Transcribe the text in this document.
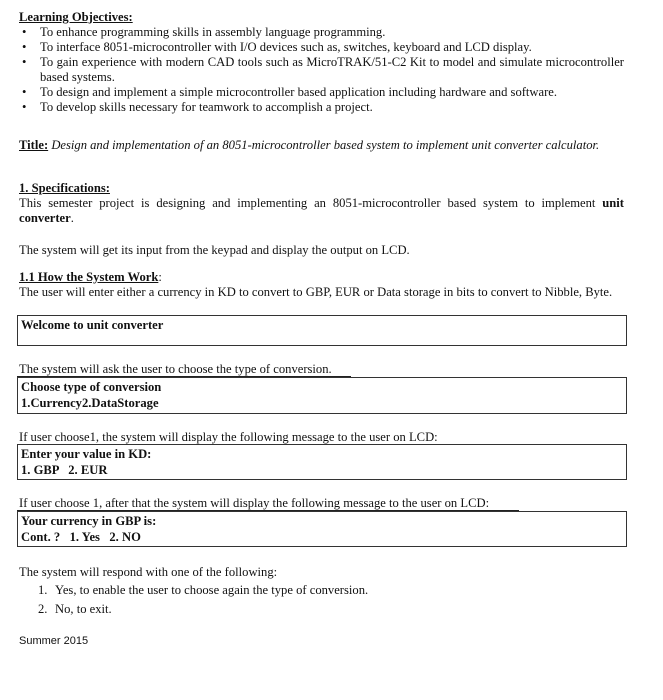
Learning Objectives:
• To enhance programming skills in assembly language programming.
• To interface 8051-microcontroller with I/O devices such as, switches, keyboard and LCD display.
• To gain experience with modern CAD tools such as MicroTRAK/51-C2 Kit to model and simulate microcontroller based systems.
• To design and implement a simple microcontroller based application including hardware and software.
• To develop skills necessary for teamwork to accomplish a project.
Title: Design and implementation of an 8051-microcontroller based system to implement unit converter calculator.
1. Specifications:
This semester project is designing and implementing an 8051-microcontroller based system to implement unit converter.
The system will get its input from the keypad and display the output on LCD.
1.1 How the System Work:
The user will enter either a currency in KD to convert to GBP, EUR or Data storage in bits to convert to Nibble, Byte.
Welcome to unit converter
The system will ask the user to choose the type of conversion.
Choose type of conversion
1.Currency2.DataStorage
If user choose1, the system will display the following message to the user on LCD:
Enter your value in KD:
1. GBP   2. EUR
If user choose 1, after that the system will display the following message to the user on LCD:
Your currency in GBP is:
Cont. ?   1. Yes   2. NO
The system will respond with one of the following:
1. Yes, to enable the user to choose again the type of conversion.
2. No, to exit.
Summer 2015
